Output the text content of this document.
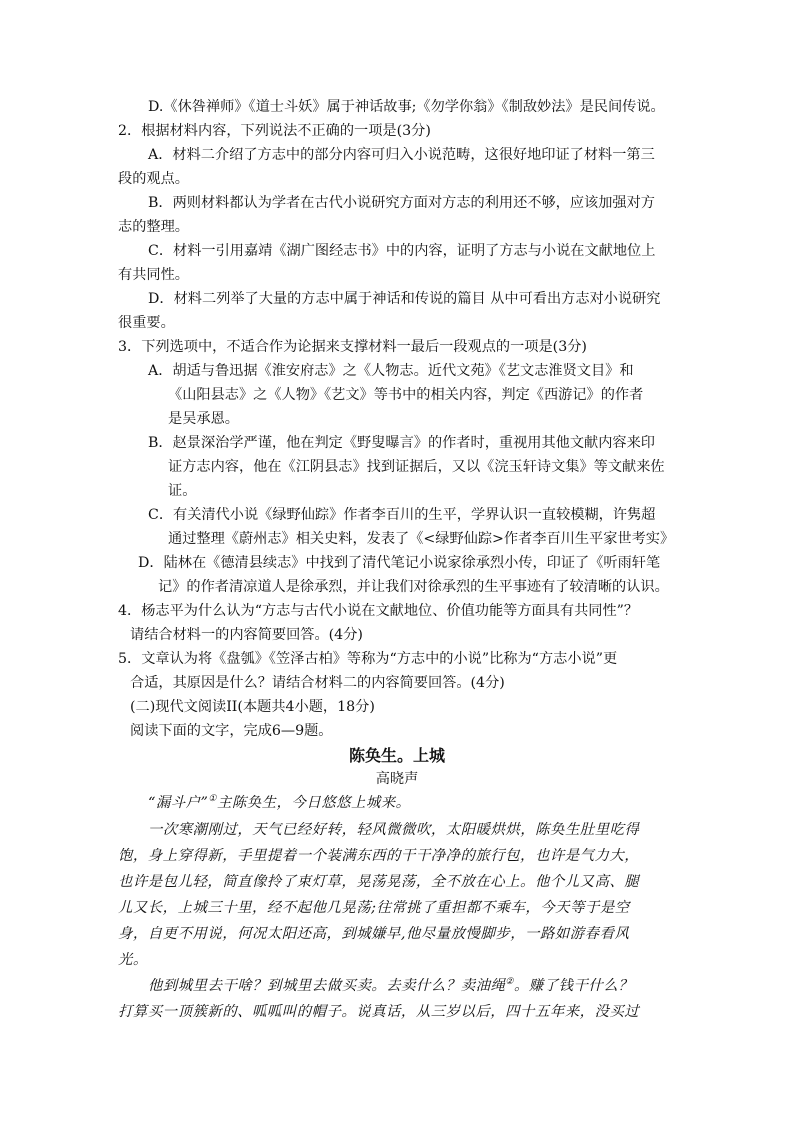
D.《休咎禅师》《道士斗妖》属于神话故事;《勿学你翁》《制敌妙法》是民间传说。
2．根据材料内容，下列说法不正确的一项是(3分)
A．材料二介绍了方志中的部分内容可归入小说范畴，这很好地印证了材料一第三
段的观点。
B．两则材料都认为学者在古代小说研究方面对方志的利用还不够，应该加强对方
志的整理。
C．材料一引用嘉靖《湖广图经志书》中的内容，证明了方志与小说在文献地位上
有共同性。
D．材料二列举了大量的方志中属于神话和传说的篇目 从中可看出方志对小说研究
很重要。
3．下列选项中，不适合作为论据来支撑材料一最后一段观点的一项是(3分)
A．胡适与鲁迅据《淮安府志》之《人物志。近代文苑》《艺文志淮贤文目》和
《山阳县志》之《人物》《艺文》等书中的相关内容，判定《西游记》的作者
是吴承恩。
B．赵景深治学严谨，他在判定《野叟曝言》的作者时，重视用其他文献内容来印
证方志内容，他在《江阴县志》找到证据后，又以《浣玉轩诗文集》等文献来佐
证。
C．有关清代小说《绿野仙踪》作者李百川的生平，学界认识一直较模糊，许隽超
通过整理《蔚州志》相关史料，发表了《<绿野仙踪>作者李百川生平家世考实》
D．陆林在《德清县续志》中找到了清代笔记小说家徐承烈小传，印证了《听雨轩笔
记》的作者清凉道人是徐承烈，并让我们对徐承烈的生平事迹有了较清晰的认识。
4．杨志平为什么认为“方志与古代小说在文献地位、价值功能等方面具有共同性”？
请结合材料一的内容简要回答。(4分)
5．文章认为将《盘瓠》《笠泽古柏》等称为“方志中的小说”比称为“方志小说”更
合适，其原因是什么？请结合材料二的内容简要回答。(4分)
(二)现代文阅读II(本题共4小题，18分)
阅读下面的文字，完成6—9题。
陈奂生。上城
高晓声
“漏斗户”①主陈奂生，今日悠悠上城来。
一次寒潮刚过，天气已经好转，轻风微微吹，太阳暖烘烘，陈奂生肚里吃得
饱，身上穿得新，手里提着一个装满东西的干干净净的旅行包，也许是气力大，
也许是包儿轻，简直像拎了束灯草，晃荡晃荡，全不放在心上。他个儿又高、腿
儿又长，上城三十里，经不起他几晃荡;往常挑了重担都不乘车，今天等于是空
身，自更不用说，何况太阳还高，到城嫌早,他尽量放慢脚步，一路如游春看风
光。
他到城里去干啥？到城里去做买卖。去卖什么？卖油绳②。赚了钱干什么？
打算买一顶簇新的、呱呱叫的帽子。说真话，从三岁以后，四十五年来，没买过
